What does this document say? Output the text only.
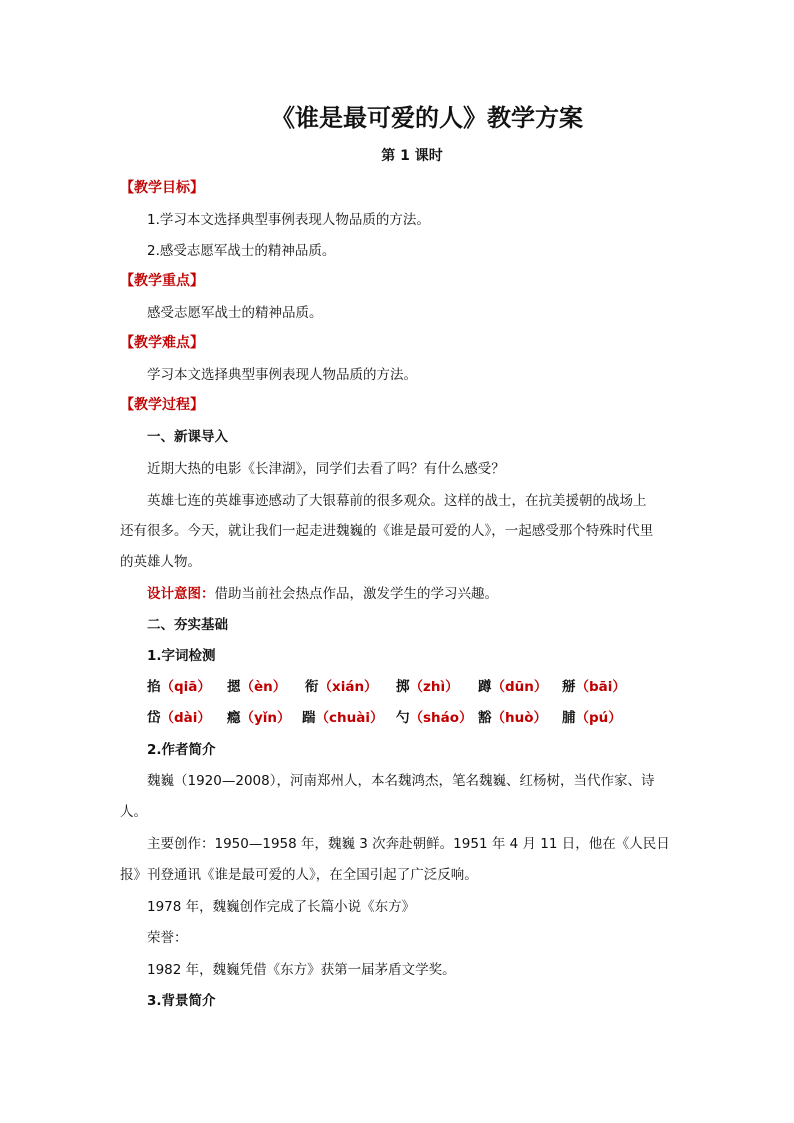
《谁是最可爱的人》教学方案
第 1 课时
【教学目标】
1.学习本文选择典型事例表现人物品质的方法。
2.感受志愿军战士的精神品质。
【教学重点】
感受志愿军战士的精神品质。
【教学难点】
学习本文选择典型事例表现人物品质的方法。
【教学过程】
一、新课导入
近期大热的电影《长津湖》，同学们去看了吗？有什么感受？
英雄七连的英雄事迹感动了大银幕前的很多观众。这样的战士，在抗美援朝的战场上
还有很多。今天，就让我们一起走进魏巍的《谁是最可爱的人》，一起感受那个特殊时代里
的英雄人物。
设计意图：借助当前社会热点作品，激发学生的学习兴趣。
二、夯实基础
1.字词检测
掐（qiā） 摁（èn） 衔（xián） 掷（zhì） 蹲（dūn） 掰（bāi）
岱（dài） 瘾（yǐn） 踹（chuài） 勺（sháo） 豁（huò） 脯（pú）
2.作者简介
魏巍（1920—2008），河南郑州人，本名魏鸿杰，笔名魏巍、红杨树，当代作家、诗
人。
主要创作：1950—1958 年，魏巍 3 次奔赴朝鲜。1951 年 4 月 11 日，他在《人民日
报》刊登通讯《谁是最可爱的人》，在全国引起了广泛反响。
1978 年，魏巍创作完成了长篇小说《东方》
荣誉：
1982 年，魏巍凭借《东方》获第一届茅盾文学奖。
3.背景简介
